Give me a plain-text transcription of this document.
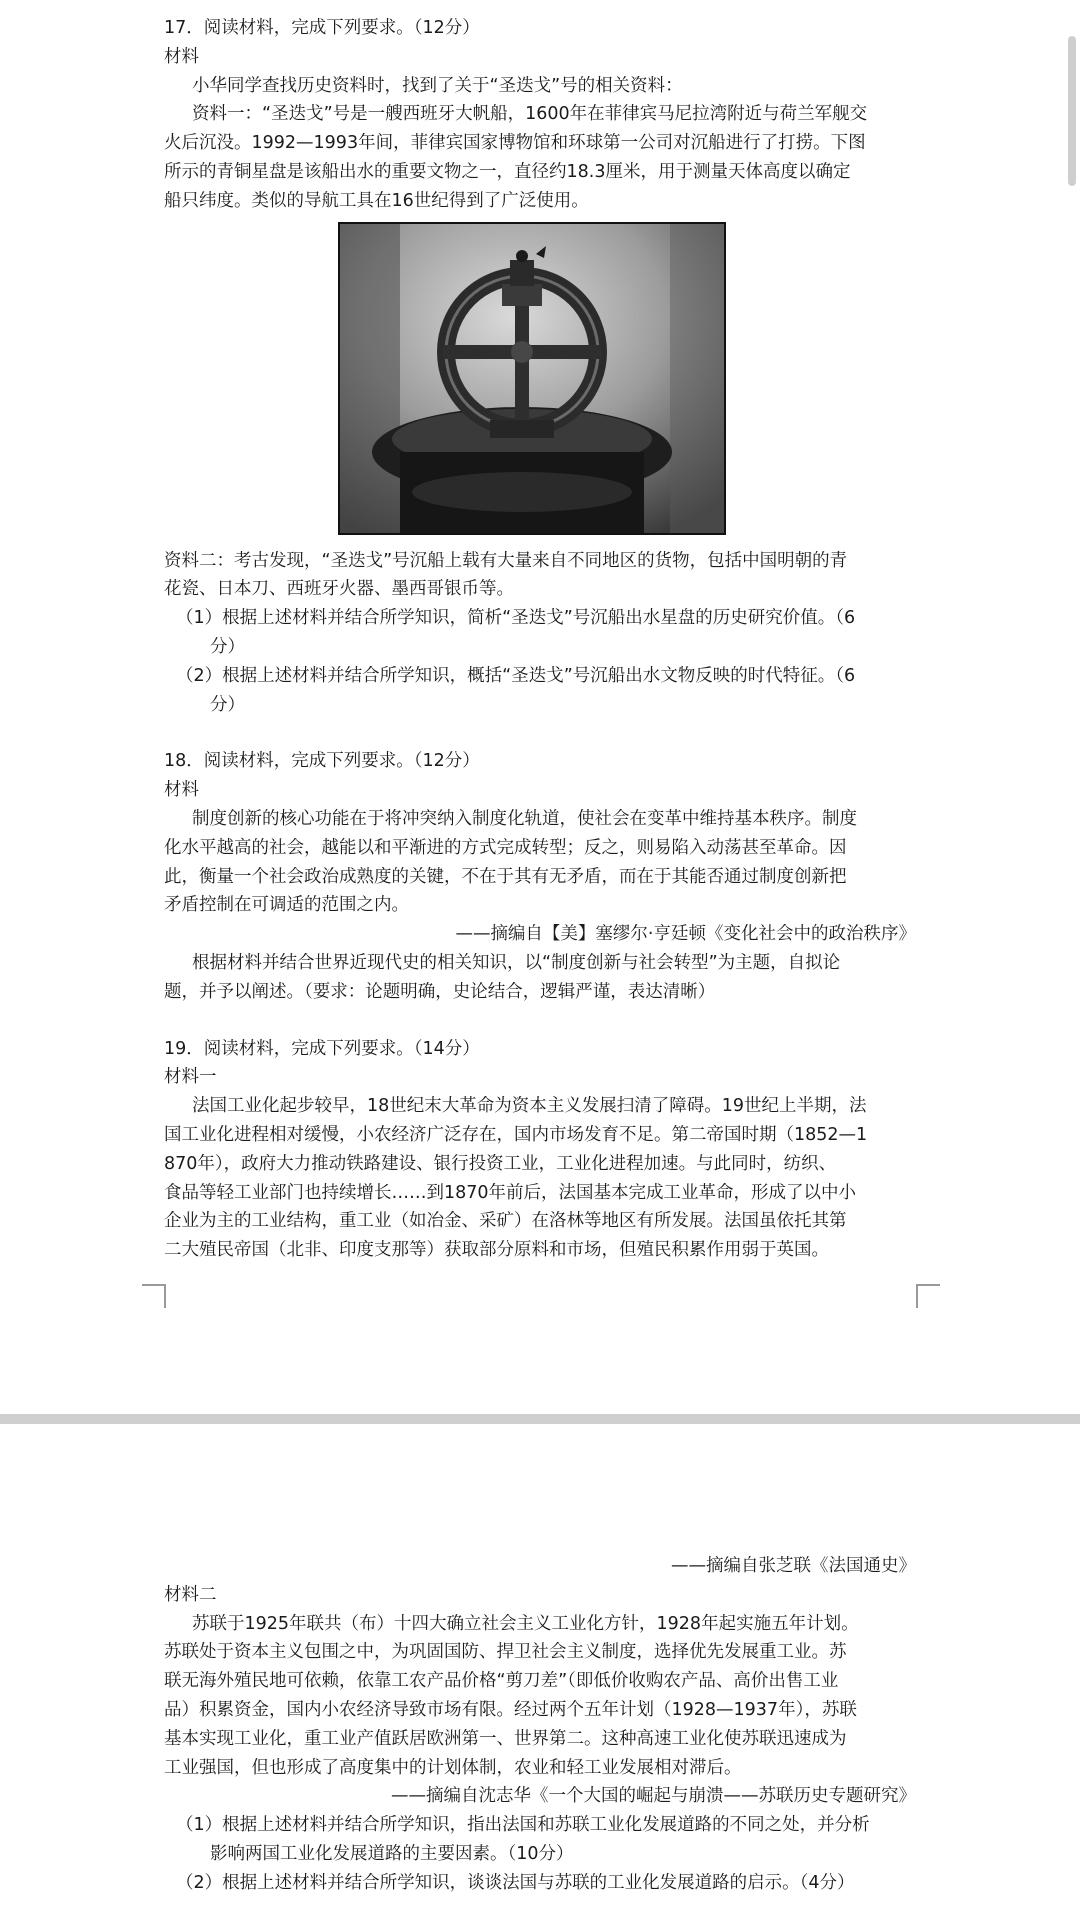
17．阅读材料，完成下列要求。（12分）
材料
小华同学查找历史资料时，找到了关于“圣迭戈”号的相关资料：
资料一：“圣迭戈”号是一艘西班牙大帆船，1600年在菲律宾马尼拉湾附近与荷兰军舰交
火后沉没。1992—1993年间，菲律宾国家博物馆和环球第一公司对沉船进行了打捞。下图
所示的青铜星盘是该船出水的重要文物之一，直径约18.3厘米，用于测量天体高度以确定
船只纬度。类似的导航工具在16世纪得到了广泛使用。
资料二：考古发现，“圣迭戈”号沉船上载有大量来自不同地区的货物，包括中国明朝的青
花瓷、日本刀、西班牙火器、墨西哥银币等。
（1）根据上述材料并结合所学知识，简析“圣迭戈”号沉船出水星盘的历史研究价值。（6
分）
（2）根据上述材料并结合所学知识，概括“圣迭戈”号沉船出水文物反映的时代特征。（6
分）
18．阅读材料，完成下列要求。（12分）
材料
制度创新的核心功能在于将冲突纳入制度化轨道，使社会在变革中维持基本秩序。制度
化水平越高的社会，越能以和平渐进的方式完成转型；反之，则易陷入动荡甚至革命。因
此，衡量一个社会政治成熟度的关键，不在于其有无矛盾，而在于其能否通过制度创新把
矛盾控制在可调适的范围之内。
——摘编自【美】塞缪尔·亨廷顿《变化社会中的政治秩序》
根据材料并结合世界近现代史的相关知识，以“制度创新与社会转型”为主题，自拟论
题，并予以阐述。（要求：论题明确，史论结合，逻辑严谨，表达清晰）
19．阅读材料，完成下列要求。（14分）
材料一
法国工业化起步较早，18世纪末大革命为资本主义发展扫清了障碍。19世纪上半期，法
国工业化进程相对缓慢，小农经济广泛存在，国内市场发育不足。第二帝国时期（1852—1
870年），政府大力推动铁路建设、银行投资工业，工业化进程加速。与此同时，纺织、
食品等轻工业部门也持续增长……到1870年前后，法国基本完成工业革命，形成了以中小
企业为主的工业结构，重工业（如冶金、采矿）在洛林等地区有所发展。法国虽依托其第
二大殖民帝国（北非、印度支那等）获取部分原料和市场，但殖民积累作用弱于英国。
——摘编自张芝联《法国通史》
材料二
苏联于1925年联共（布）十四大确立社会主义工业化方针，1928年起实施五年计划。
苏联处于资本主义包围之中，为巩固国防、捍卫社会主义制度，选择优先发展重工业。苏
联无海外殖民地可依赖，依靠工农产品价格“剪刀差”（即低价收购农产品、高价出售工业
品）积累资金，国内小农经济导致市场有限。经过两个五年计划（1928—1937年），苏联
基本实现工业化，重工业产值跃居欧洲第一、世界第二。这种高速工业化使苏联迅速成为
工业强国，但也形成了高度集中的计划体制，农业和轻工业发展相对滞后。
——摘编自沈志华《一个大国的崛起与崩溃——苏联历史专题研究》
（1）根据上述材料并结合所学知识，指出法国和苏联工业化发展道路的不同之处，并分析
影响两国工业化发展道路的主要因素。（10分）
（2）根据上述材料并结合所学知识，谈谈法国与苏联的工业化发展道路的启示。（4分）
